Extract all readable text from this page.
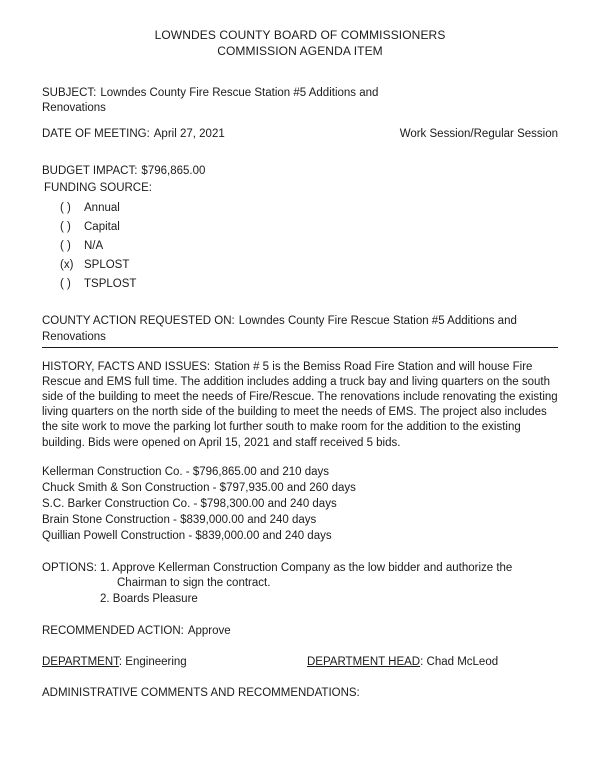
LOWNDES COUNTY BOARD OF COMMISSIONERS
COMMISSION AGENDA ITEM
SUBJECT: Lowndes County Fire Rescue Station #5 Additions and Renovations
DATE OF MEETING: April 27, 2021	Work Session/Regular Session
BUDGET IMPACT: $796,865.00
FUNDING SOURCE:
( )	Annual
( )	Capital
( )	N/A
(x) SPLOST
( )	TSPLOST
COUNTY ACTION REQUESTED ON: Lowndes County Fire Rescue Station #5 Additions and Renovations
HISTORY, FACTS AND ISSUES: Station # 5 is the Bemiss Road Fire Station and will house Fire Rescue and EMS full time. The addition includes adding a truck bay and living quarters on the south side of the building to meet the needs of Fire/Rescue. The renovations include renovating the existing living quarters on the north side of the building to meet the needs of EMS. The project also includes the site work to move the parking lot further south to make room for the addition to the existing building. Bids were opened on April 15, 2021 and staff received 5 bids.
Kellerman Construction Co. - $796,865.00 and 210 days
Chuck Smith & Son Construction - $797,935.00 and 260 days
S.C. Barker Construction Co. - $798,300.00 and 240 days
Brain Stone Construction - $839,000.00 and 240 days
Quillian Powell Construction - $839,000.00 and 240 days
OPTIONS: 1. Approve Kellerman Construction Company as the low bidder and authorize the Chairman to sign the contract.
2. Boards Pleasure
RECOMMENDED ACTION: Approve
DEPARTMENT: Engineering	DEPARTMENT HEAD: Chad McLeod
ADMINISTRATIVE COMMENTS AND RECOMMENDATIONS:
